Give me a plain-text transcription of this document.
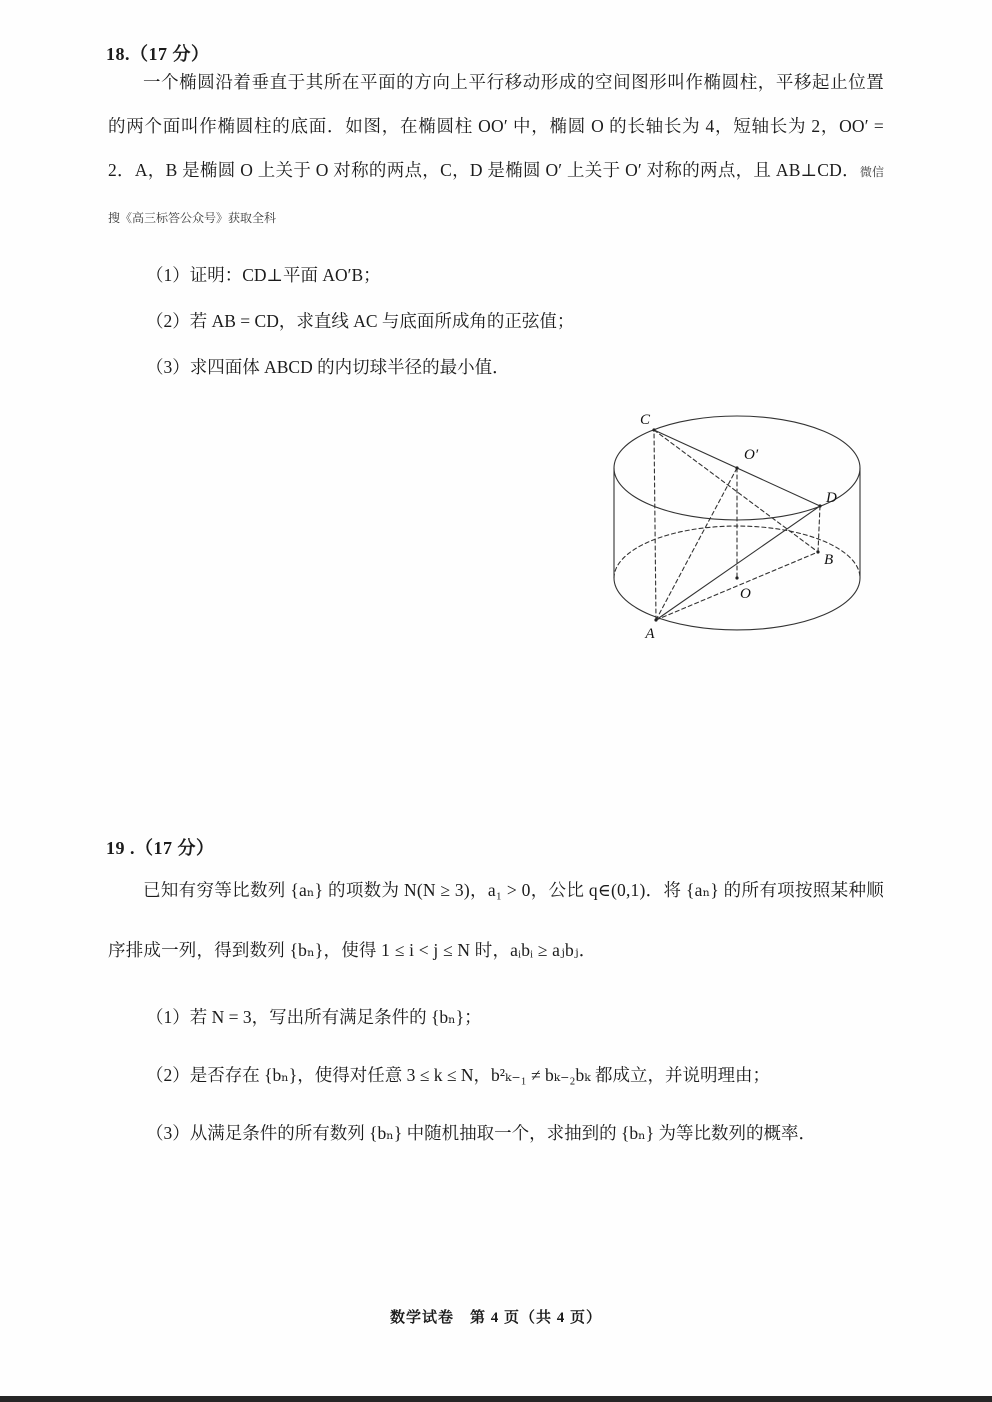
18.（17 分）

一个椭圆沿着垂直于其所在平面的方向上平行移动形成的空间图形叫作椭圆柱，平移起止位置的两个面叫作椭圆柱的底面．如图，在椭圆柱 OO′ 中，椭圆 O 的长轴长为 4，短轴长为 2，OO′ = 2．A，B 是椭圆 O 上关于 O 对称的两点，C，D 是椭圆 O′ 上关于 O′ 对称的两点，且 AB⊥CD．微信搜《高三标答公众号》获取全科

（1）证明：CD⊥平面 AO′B；
（2）若 AB = CD，求直线 AC 与底面所成角的正弦值；
（3）求四面体 ABCD 的内切球半径的最小值．
C
O′
D
B
O
A
19 .（17 分）

已知有穷等比数列 {aₙ} 的项数为 N(N ≥ 3)，a₁ > 0，公比 q∈(0,1)．将 {aₙ} 的所有项按照某种顺序排成一列，得到数列 {bₙ}，使得 1 ≤ i < j ≤ N 时，aᵢbᵢ ≥ aⱼbⱼ．

（1）若 N = 3，写出所有满足条件的 {bₙ}；
（2）是否存在 {bₙ}，使得对任意 3 ≤ k ≤ N，b²ₖ₋₁ ≠ bₖ₋₂bₖ 都成立，并说明理由；
（3）从满足条件的所有数列 {bₙ} 中随机抽取一个，求抽到的 {bₙ} 为等比数列的概率．
数学试卷　第 4 页（共 4 页）
